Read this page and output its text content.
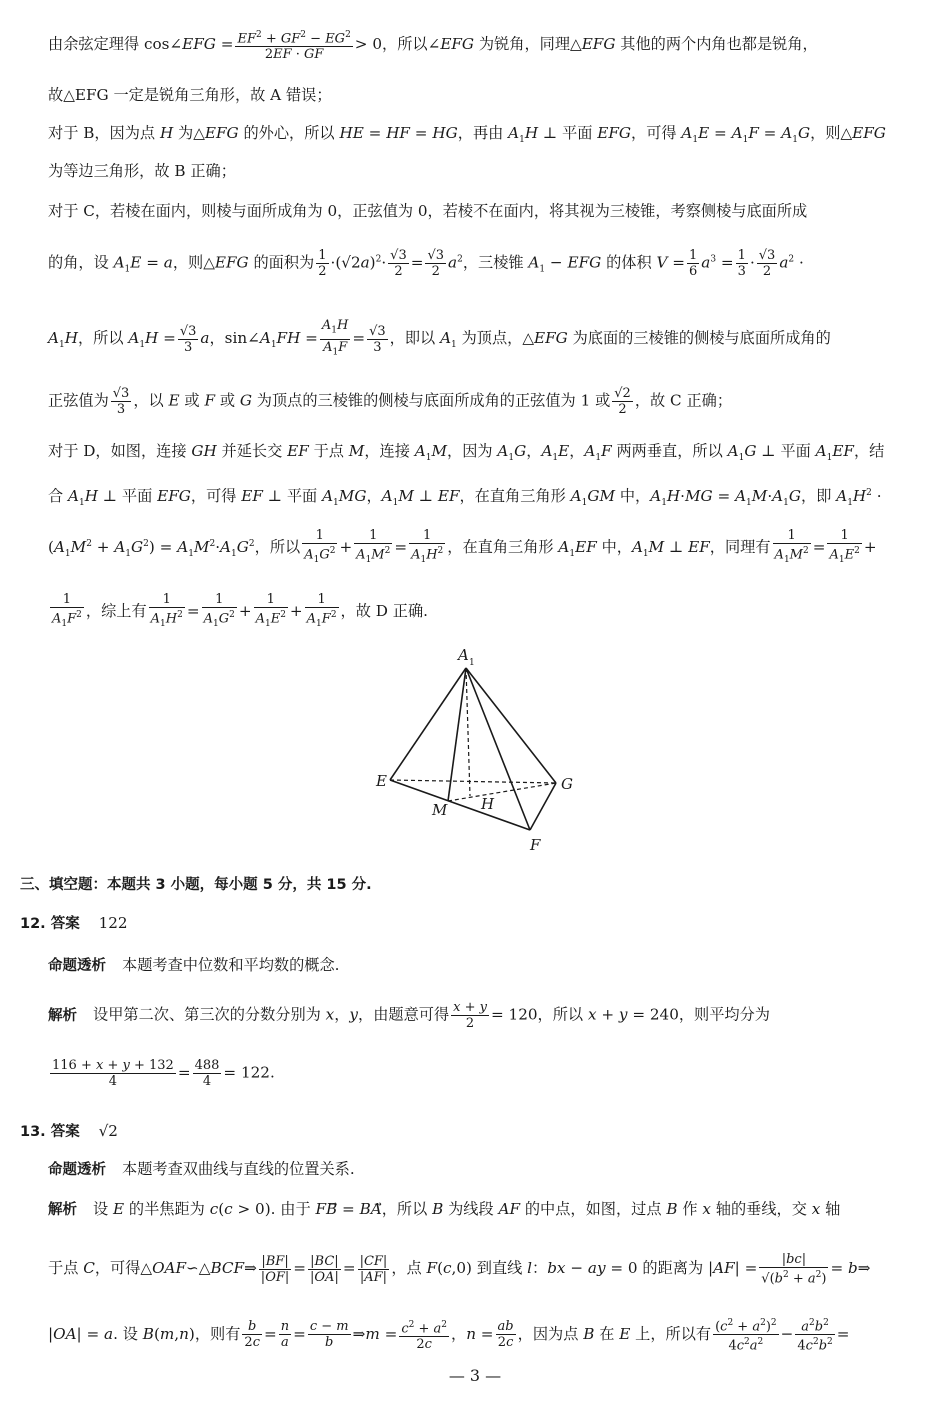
由余弦定理得 cos∠EFG = $\frac{EF^2 + GF^2 - EG^2}{2EF \cdot GF} > 0$，所以∠EFG 为锐角，同理△EFG 其他的两个内角也都是锐角，
故△EFG 一定是锐角三角形，故 A 错误；
对于 B，因为点 H 为△EFG 的外心，所以 HE = HF = HG，再由 $A_1H$ ⊥ 平面 EFG，可得 $A_1E = A_1F = A_1G$，则△EFG
为等边三角形，故 B 正确；
对于 C，若棱在面内，则棱与面所成角为 0，正弦值为 0，若棱不在面内，将其视为三棱锥，考察侧棱与底面所成
的角，设 $A_1E = a$，则△EFG 的面积为 $\frac{1}{2} \cdot(√2a)^2\cdot \frac{√3}{2} = \frac{√3}{2} a^2$，三棱锥 $A_1$ − EFG 的体积 $V = \frac{1}{6} a^3 = \frac{1}{3} \cdot \frac{√3}{2} a^2$ ·
$A_1H$，所以 $A_1H = \frac{√3}{3}$ a，$\sin\angle A_1FH = \frac{A_1H}{A_1F} = \frac{√3}{3}$ ，即以 $A_1$ 为顶点，△EFG 为底面的三棱锥的侧棱与底面所成角的
正弦值为 $\frac{√3}{3}$ ，以 E 或 F 或 G 为顶点的三棱锥的侧棱与底面所成角的正弦值为 1 或 $\frac{√2}{2}$ ，故 C 正确；
对于 D，如图，连接 GH 并延长交 EF 于点 M，连接 $A_1M$，因为 $A_1G$，$A_1E$，$A_1F$ 两两垂直，所以 $A_1G$ ⊥ 平面 $A_1EF$，结
合 $A_1H$ ⊥ 平面 EFG，可得 EF ⊥ 平面 $A_1MG$，$A_1M$ ⊥ EF，在直角三角形 $A_1GM$ 中，$A_1H\cdot MG = A_1M\cdot A_1G$，即 $A_1H^2$ ·
$(A_1M^2 + A_1G^2) = A_1M^2\cdot A_1G^2$，所以 $\frac{1}{A_1G^2} + \frac{1}{A_1M^2} = \frac{1}{A_1H^2}$ ，在直角三角形 $A_1EF$ 中，$A_1M$ ⊥ EF，同理有 $\frac{1}{A_1M^2} = \frac{1}{A_1E^2}$ +
$\frac{1}{A_1F^2}$ ，综上有 $\frac{1}{A_1H^2} = \frac{1}{A_1G^2} + \frac{1}{A_1E^2} + \frac{1}{A_1F^2}$ ，故 D 正确.
A 1
E	G
M H
F
三、填空题：本题共 3 小题，每小题 5 分，共 15 分.
12. 答案 122
命题透析 本题考查中位数和平均数的概念.
解析 设甲第二次、第三次的分数分别为 x，y，由题意可得 $\frac{x + y}{2} = 120$，所以 x + y = 240，则平均分为
$\frac{116 + x + y + 132}{4} = \frac{488}{4} = 122$.
13. 答案 √2
命题透析 本题考查双曲线与直线的位置关系.
解析 设 E 的半焦距为 c(c > 0). 由于 FB⃗ = BA⃗，所以 B 为线段 AF 的中点，如图，过点 B 作 x 轴的垂线，交 x 轴
于点 C，可得△OAF∽△BCF⇒ $\frac{|BF|}{|OF|} = \frac{|BC|}{|OA|} = \frac{|CF|}{|AF|}$ ，点 F(c,0) 到直线 l：bx − ay = 0 的距离为 $|AF| = \frac{|bc|}{√(b^2 + a^2)}$ = b⇒
|OA| = a. 设 B(m,n)，则有 $\frac{b}{2c} = \frac{n}{a} = \frac{c - m}{b}$ ⇒m = $\frac{c^2 + a^2}{2c}$ ，$n = \frac{ab}{2c}$ ，因为点 B 在 E 上，所以有 $\frac{(c^2 + a^2)^2}{4c^2a^2} - \frac{a^2b^2}{4c^2b^2}$ =
— 3 —
